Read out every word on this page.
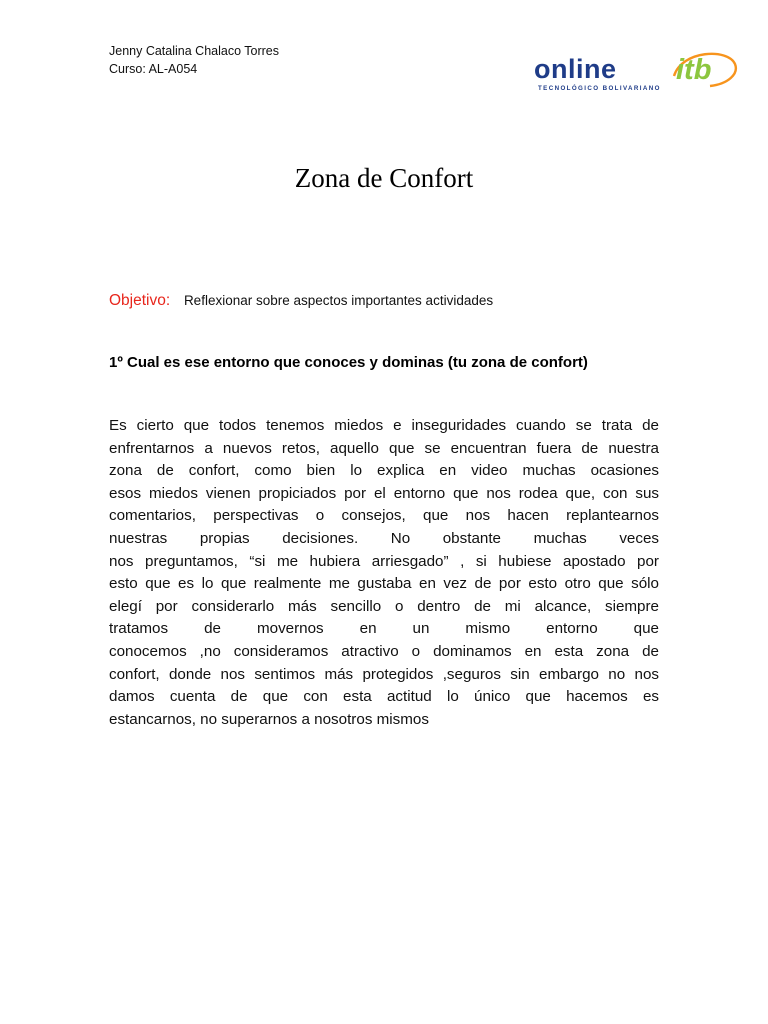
Jenny Catalina Chalaco Torres
Curso: AL-A054	online itb
TECNOLÓGICO BOLIVARIANO
Zona de Confort
Objetivo: Reflexionar sobre aspectos importantes actividades
1º Cual es ese entorno que conoces y dominas (tu zona de confort)
Es cierto que todos tenemos miedos e inseguridades cuando se trata de
enfrentarnos a nuevos retos, aquello que se encuentran fuera de nuestra
zona de confort, como bien lo explica en video muchas ocasiones
esos miedos vienen propiciados por el entorno que nos rodea que, con sus
comentarios, perspectivas o consejos, que nos hacen replantearnos
nuestras propias decisiones. No obstante muchas veces
nos preguntamos, “si me hubiera arriesgado” , si hubiese apostado por
esto que es lo que realmente me gustaba en vez de por esto otro que sólo
elegí por considerarlo más sencillo o dentro de mi alcance, siempre
tratamos de movernos en un mismo entorno que
conocemos ,no consideramos atractivo o dominamos en esta zona de
confort, donde nos sentimos más protegidos ,seguros sin embargo no nos
damos cuenta de que con esta actitud lo único que hacemos es
estancarnos, no superarnos a nosotros mismos
